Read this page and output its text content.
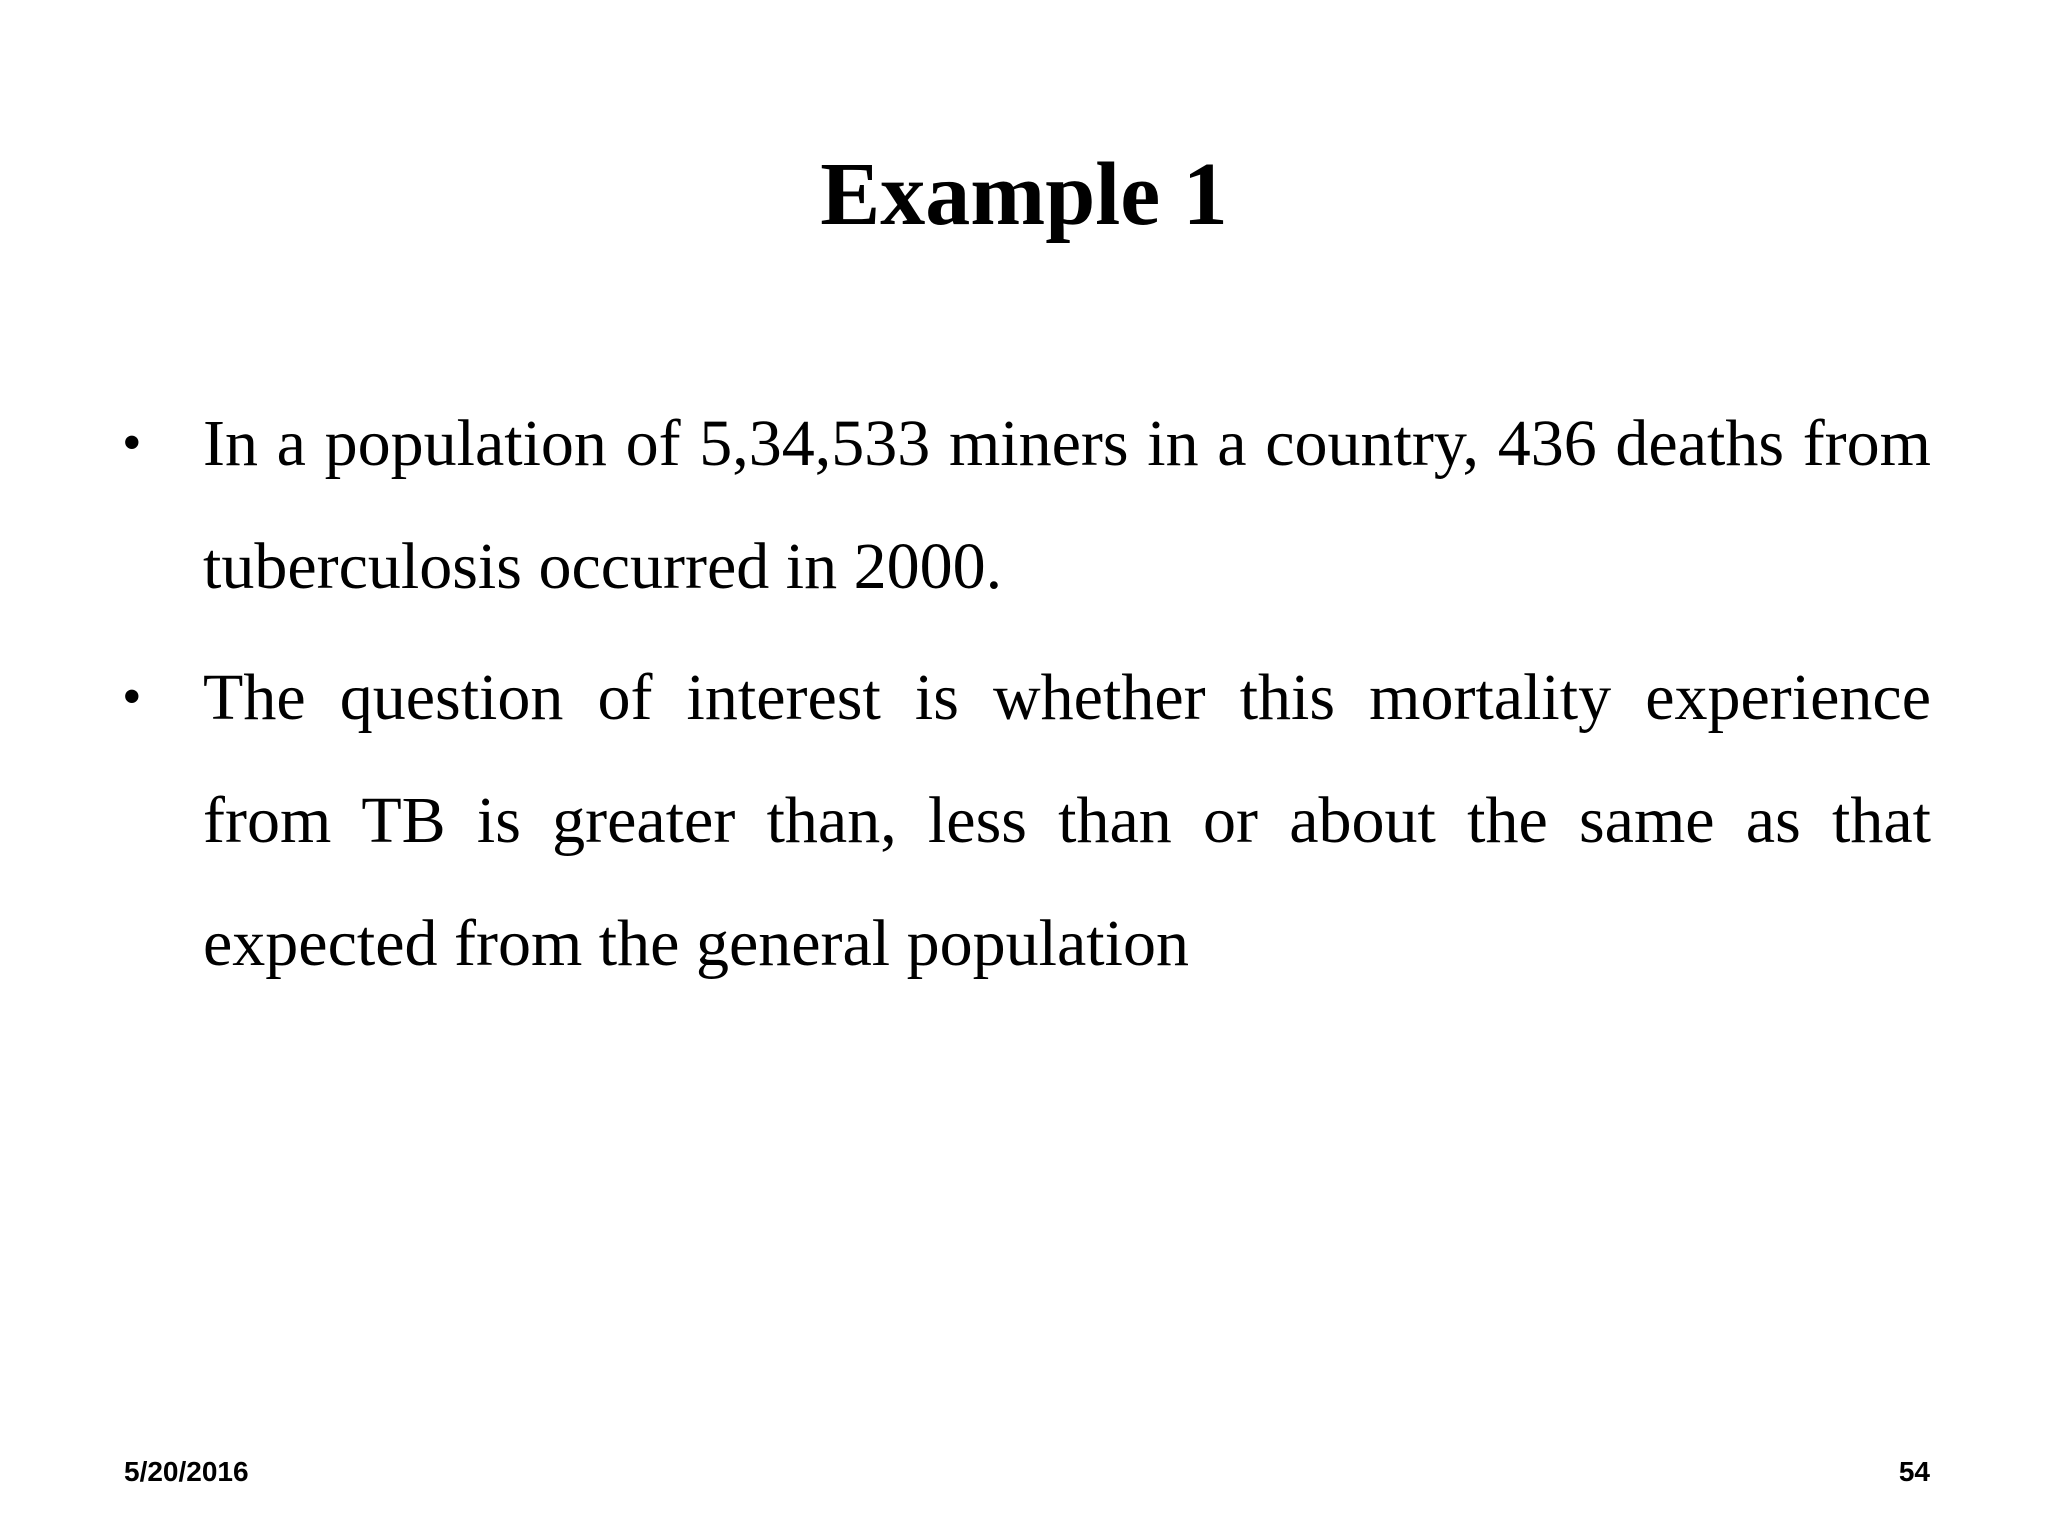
Example 1
• In a population of 5,34,533 miners in a country, 436 deaths from tuberculosis occurred in 2000.
• The question of interest is whether this mortality experience from TB is greater than, less than or about the same as that expected from the general population
5/20/2016	54
